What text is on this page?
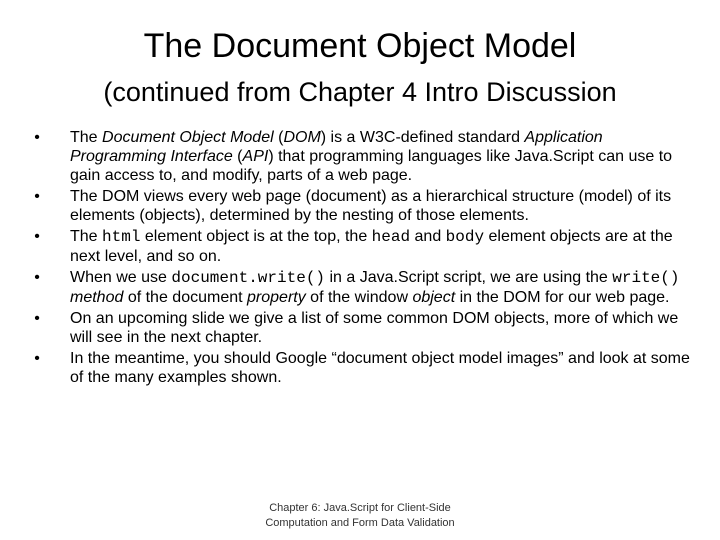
The Document Object Model
(continued from Chapter 4 Intro Discussion
• The Document Object Model (DOM) is a W3C-defined standard Application Programming Interface (API) that programming languages like Java.Script can use to gain access to, and modify, parts of a web page.
• The DOM views every web page (document) as a hierarchical structure (model) of its elements (objects), determined by the nesting of those elements.
• The html element object is at the top, the head and body element objects are at the next level, and so on.
• When we use document.write() in a Java.Script script, we are using the write() method of the document property of the window object in the DOM for our web page.
• On an upcoming slide we give a list of some common DOM objects, more of which we will see in the next chapter.
• In the meantime, you should Google “document object model images” and look at some of the many examples shown.
Chapter 6: Java.Script for Client-Side
Computation and Form Data Validation
